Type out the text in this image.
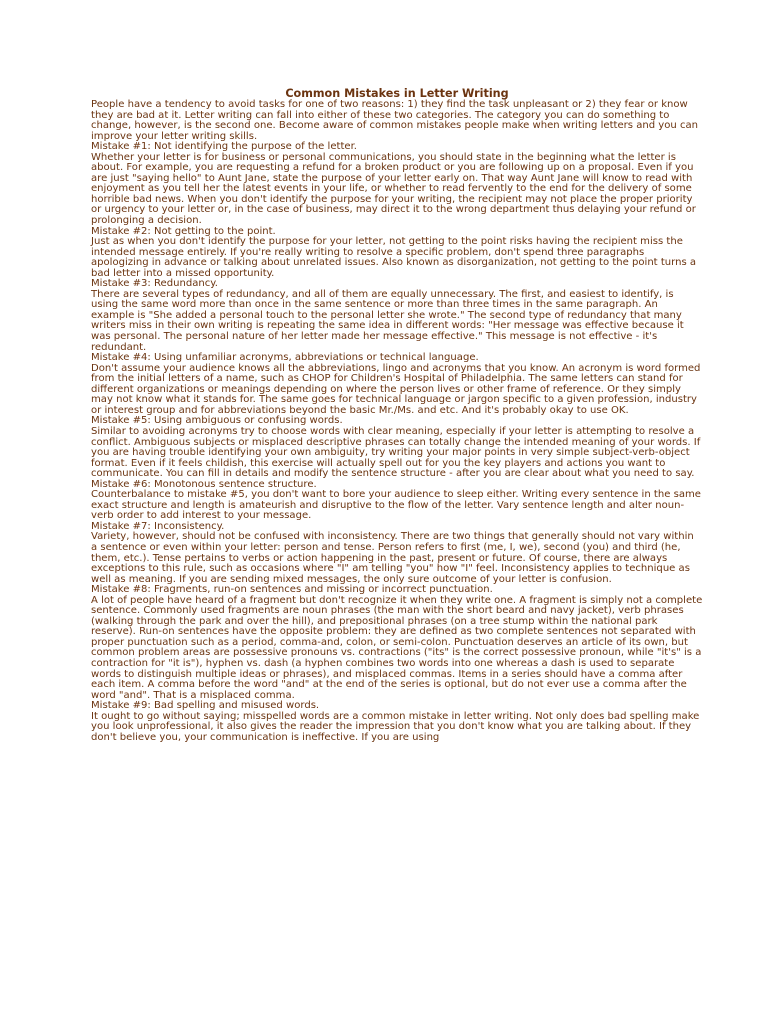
Common Mistakes in Letter Writing

People have a tendency to avoid tasks for one of two reasons: 1) they find the task unpleasant or 2) they fear or know they are bad at it. Letter writing can fall into either of these two categories. The category you can do something to change, however, is the second one. Become aware of common mistakes people make when writing letters and you can improve your letter writing skills.

Mistake #1: Not identifying the purpose of the letter.

Whether your letter is for business or personal communications, you should state in the beginning what the letter is about. For example, you are requesting a refund for a broken product or you are following up on a proposal. Even if you are just "saying hello" to Aunt Jane, state the purpose of your letter early on. That way Aunt Jane will know to read with enjoyment as you tell her the latest events in your life, or whether to read fervently to the end for the delivery of some horrible bad news. When you don't identify the purpose for your writing, the recipient may not place the proper priority or urgency to your letter or, in the case of business, may direct it to the wrong department thus delaying your refund or prolonging a decision.

Mistake #2: Not getting to the point.

Just as when you don't identify the purpose for your letter, not getting to the point risks having the recipient miss the intended message entirely. If you're really writing to resolve a specific problem, don't spend three paragraphs apologizing in advance or talking about unrelated issues. Also known as disorganization, not getting to the point turns a bad letter into a missed opportunity.

Mistake #3: Redundancy.

There are several types of redundancy, and all of them are equally unnecessary. The first, and easiest to identify, is using the same word more than once in the same sentence or more than three times in the same paragraph. An example is "She added a personal touch to the personal letter she wrote." The second type of redundancy that many writers miss in their own writing is repeating the same idea in different words: "Her message was effective because it was personal. The personal nature of her letter made her message effective." This message is not effective - it's redundant.

Mistake #4: Using unfamiliar acronyms, abbreviations or technical language.

Don't assume your audience knows all the abbreviations, lingo and acronyms that you know. An acronym is word formed from the initial letters of a name, such as CHOP for Children's Hospital of Philadelphia. The same letters can stand for different organizations or meanings depending on where the person lives or other frame of reference. Or they simply may not know what it stands for. The same goes for technical language or jargon specific to a given profession, industry or interest group and for abbreviations beyond the basic Mr./Ms. and etc. And it's probably okay to use OK.

Mistake #5: Using ambiguous or confusing words.

Similar to avoiding acronyms try to choose words with clear meaning, especially if your letter is attempting to resolve a conflict. Ambiguous subjects or misplaced descriptive phrases can totally change the intended meaning of your words. If you are having trouble identifying your own ambiguity, try writing your major points in very simple subject-verb-object format. Even if it feels childish, this exercise will actually spell out for you the key players and actions you want to communicate. You can fill in details and modify the sentence structure - after you are clear about what you need to say.

Mistake #6: Monotonous sentence structure.

Counterbalance to mistake #5, you don't want to bore your audience to sleep either. Writing every sentence in the same exact structure and length is amateurish and disruptive to the flow of the letter. Vary sentence length and alter noun-verb order to add interest to your message.

Mistake #7: Inconsistency.

Variety, however, should not be confused with inconsistency. There are two things that generally should not vary within a sentence or even within your letter: person and tense. Person refers to first (me, I, we), second (you) and third (he, them, etc.). Tense pertains to verbs or action happening in the past, present or future. Of course, there are always exceptions to this rule, such as occasions where "I" am telling "you" how "I" feel. Inconsistency applies to technique as well as meaning. If you are sending mixed messages, the only sure outcome of your letter is confusion.

Mistake #8: Fragments, run-on sentences and missing or incorrect punctuation.

A lot of people have heard of a fragment but don't recognize it when they write one. A fragment is simply not a complete sentence. Commonly used fragments are noun phrases (the man with the short beard and navy jacket), verb phrases (walking through the park and over the hill), and prepositional phrases (on a tree stump within the national park reserve). Run-on sentences have the opposite problem: they are defined as two complete sentences not separated with proper punctuation such as a period, comma-and, colon, or semi-colon. Punctuation deserves an article of its own, but common problem areas are possessive pronouns vs. contractions ("its" is the correct possessive pronoun, while "it's" is a contraction for "it is"), hyphen vs. dash (a hyphen combines two words into one whereas a dash is used to separate words to distinguish multiple ideas or phrases), and misplaced commas. Items in a series should have a comma after each item. A comma before the word "and" at the end of the series is optional, but do not ever use a comma after the word "and". That is a misplaced comma.

Mistake #9: Bad spelling and misused words.

It ought to go without saying; misspelled words are a common mistake in letter writing. Not only does bad spelling make you look unprofessional, it also gives the reader the impression that you don't know what you are talking about. If they don't believe you, your communication is ineffective. If you are using
